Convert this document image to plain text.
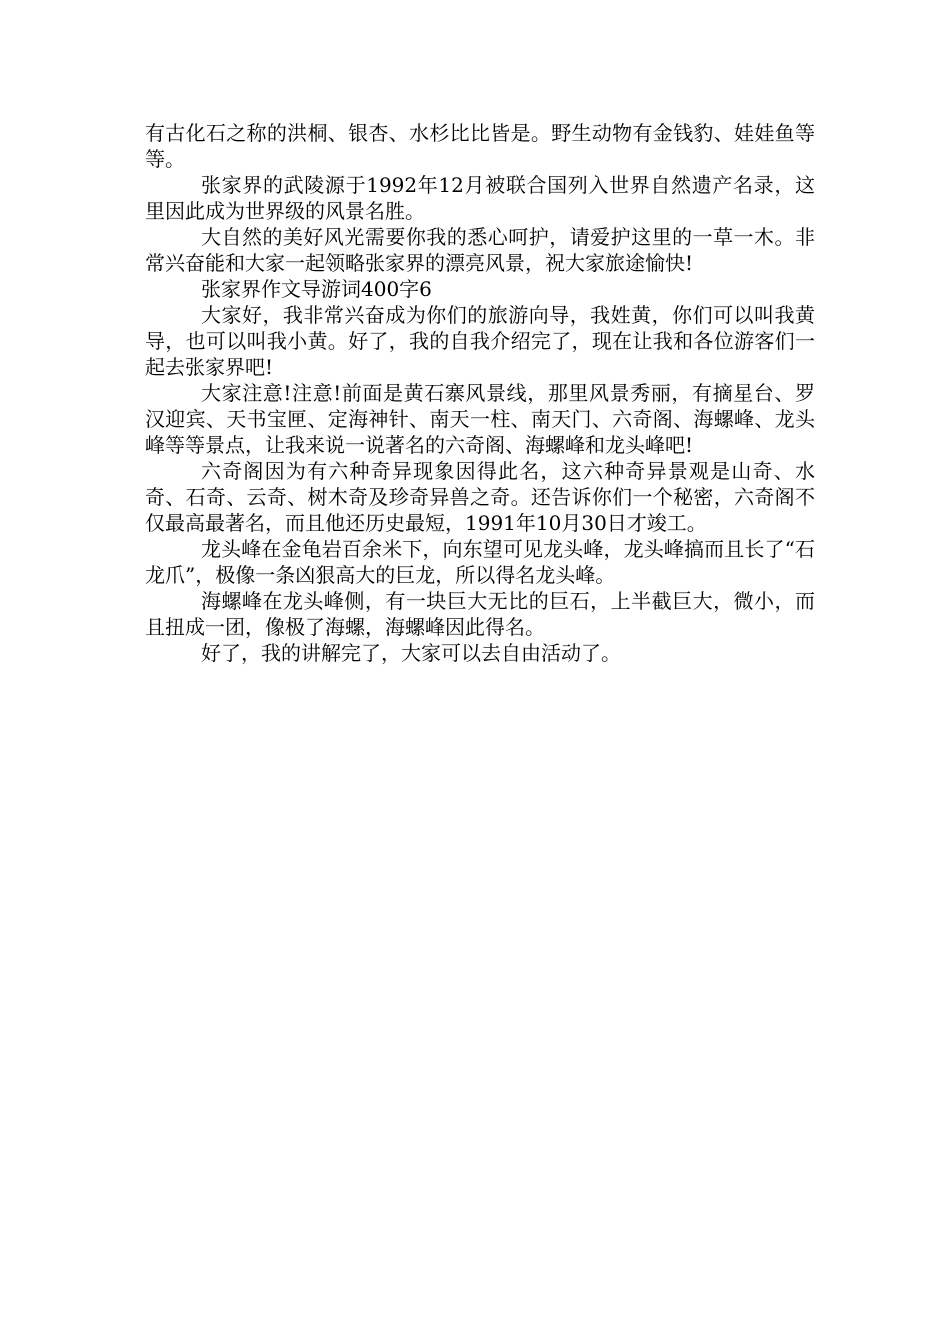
有古化石之称的洪桐、银杏、水杉比比皆是。野生动物有金钱豹、娃娃鱼等等。

张家界的武陵源于1992年12月被联合国列入世界自然遗产名录，这里因此成为世界级的风景名胜。

大自然的美好风光需要你我的悉心呵护，请爱护这里的一草一木。非常兴奋能和大家一起领略张家界的漂亮风景，祝大家旅途愉快!

张家界作文导游词400字6

大家好，我非常兴奋成为你们的旅游向导，我姓黄，你们可以叫我黄导，也可以叫我小黄。好了，我的自我介绍完了，现在让我和各位游客们一起去张家界吧!

大家注意!注意!前面是黄石寨风景线，那里风景秀丽，有摘星台、罗汉迎宾、天书宝匣、定海神针、南天一柱、南天门、六奇阁、海螺峰、龙头峰等等景点，让我来说一说著名的六奇阁、海螺峰和龙头峰吧!

六奇阁因为有六种奇异现象因得此名，这六种奇异景观是山奇、水奇、石奇、云奇、树木奇及珍奇异兽之奇。还告诉你们一个秘密，六奇阁不仅最高最著名，而且他还历史最短，1991年10月30日才竣工。

龙头峰在金龟岩百余米下，向东望可见龙头峰，龙头峰搞而且长了“石龙爪”，极像一条凶狠高大的巨龙，所以得名龙头峰。

海螺峰在龙头峰侧，有一块巨大无比的巨石，上半截巨大，微小，而且扭成一团，像极了海螺，海螺峰因此得名。

好了，我的讲解完了，大家可以去自由活动了。
